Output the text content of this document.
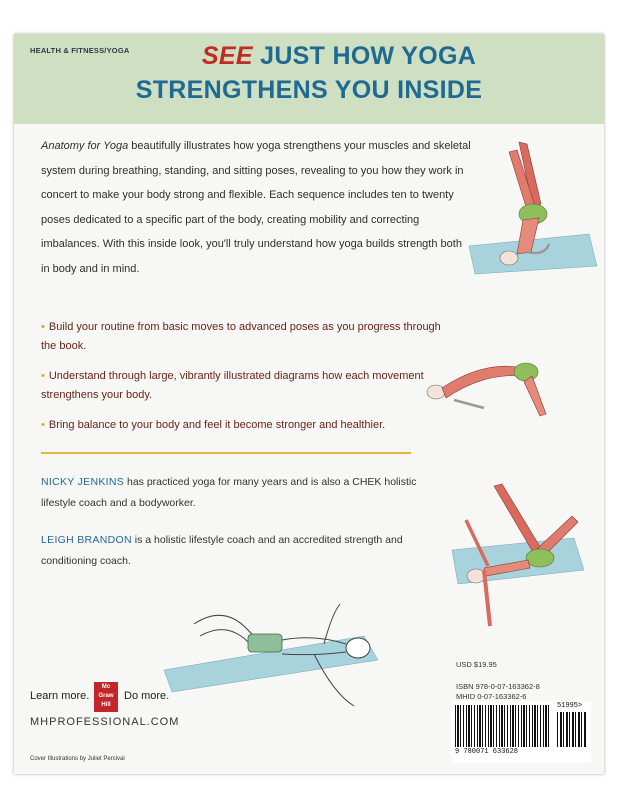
HEALTH & FITNESS/YOGA	SEE JUST HOW YOGA
STRENGTHENS YOU INSIDE
Anatomy for Yoga beautifully illustrates how yoga strengthens your muscles and skeletal system during breathing, standing, and sitting poses, revealing to you how they work in concert to make your body strong and flexible. Each sequence includes ten to twenty poses dedicated to a specific part of the body, creating mobility and correcting imbalances. With this inside look, you'll truly understand how yoga builds strength both in body and in mind.
• Build your routine from basic moves to advanced poses as you progress through the book.
• Understand through large, vibrantly illustrated diagrams how each movement strengthens your body.
• Bring balance to your body and feel it become stronger and healthier.
NICKY JENKINS has practiced yoga for many years and is also a CHEK holistic lifestyle coach and a bodyworker.
LEIGH BRANDON is a holistic lifestyle coach and an accredited strength and conditioning coach.
USD $19.95
ISBN 978-0-07-163362-8
MHID 0-07-163362-6
51995>
9 780071 633628
Learn more.
Mc Graw Hill
Do more.
MHPROFESSIONAL.COM
Cover Illustrations by Juliet Percival
